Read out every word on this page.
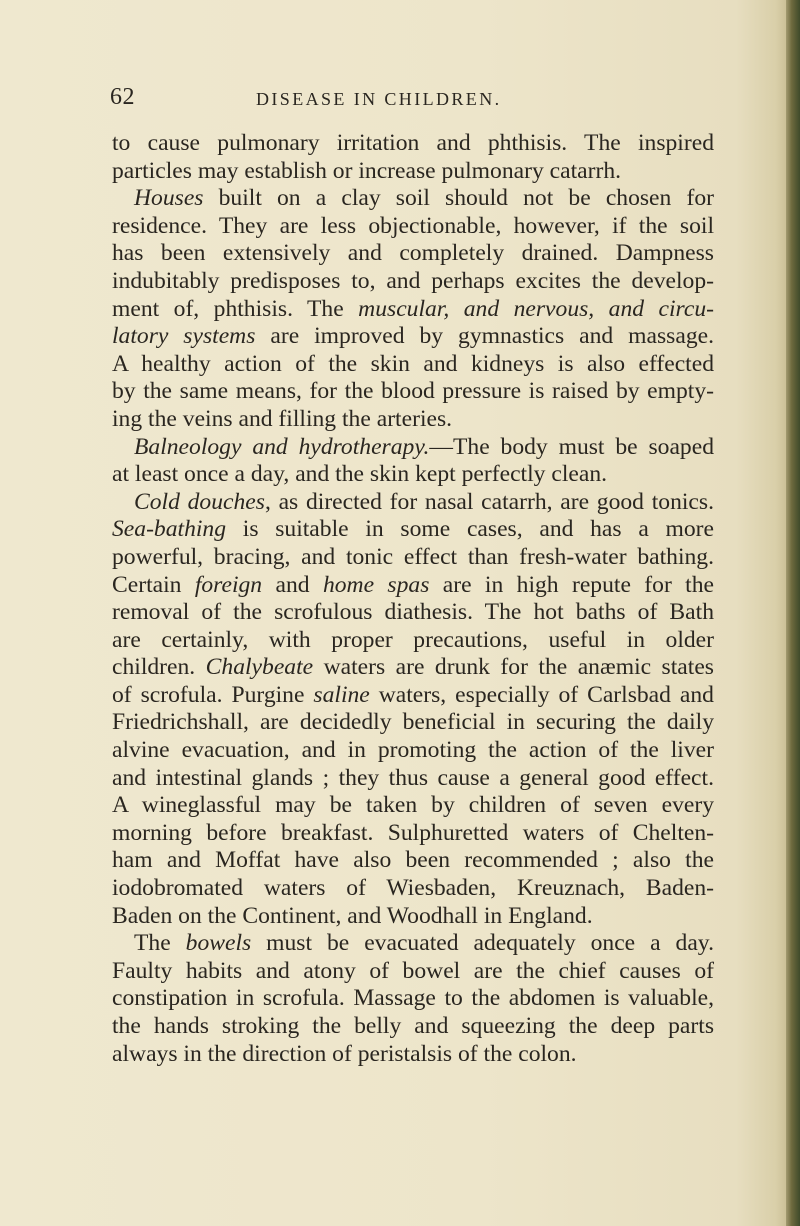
62	DISEASE IN CHILDREN.
to cause pulmonary irritation and phthisis. The inspired
particles may establish or increase pulmonary catarrh.
Houses built on a clay soil should not be chosen for
residence. They are less objectionable, however, if the soil
has been extensively and completely drained. Dampness
indubitably predisposes to, and perhaps excites the develop-
ment of, phthisis. The muscular, and nervous, and circu-
latory systems are improved by gymnastics and massage.
A healthy action of the skin and kidneys is also effected
by the same means, for the blood pressure is raised by empty-
ing the veins and filling the arteries.
Balneology and hydrotherapy.—The body must be soaped
at least once a day, and the skin kept perfectly clean.
Cold douches, as directed for nasal catarrh, are good tonics.
Sea-bathing is suitable in some cases, and has a more
powerful, bracing, and tonic effect than fresh-water bathing.
Certain foreign and home spas are in high repute for the
removal of the scrofulous diathesis. The hot baths of Bath
are certainly, with proper precautions, useful in older
children. Chalybeate waters are drunk for the anæmic states
of scrofula. Purgine saline waters, especially of Carlsbad and
Friedrichshall, are decidedly beneficial in securing the daily
alvine evacuation, and in promoting the action of the liver
and intestinal glands ; they thus cause a general good effect.
A wineglassful may be taken by children of seven every
morning before breakfast. Sulphuretted waters of Chelten-
ham and Moffat have also been recommended ; also the
iodobromated waters of Wiesbaden, Kreuznach, Baden-
Baden on the Continent, and Woodhall in England.
The bowels must be evacuated adequately once a day.
Faulty habits and atony of bowel are the chief causes of
constipation in scrofula. Massage to the abdomen is valuable,
the hands stroking the belly and squeezing the deep parts
always in the direction of peristalsis of the colon.
